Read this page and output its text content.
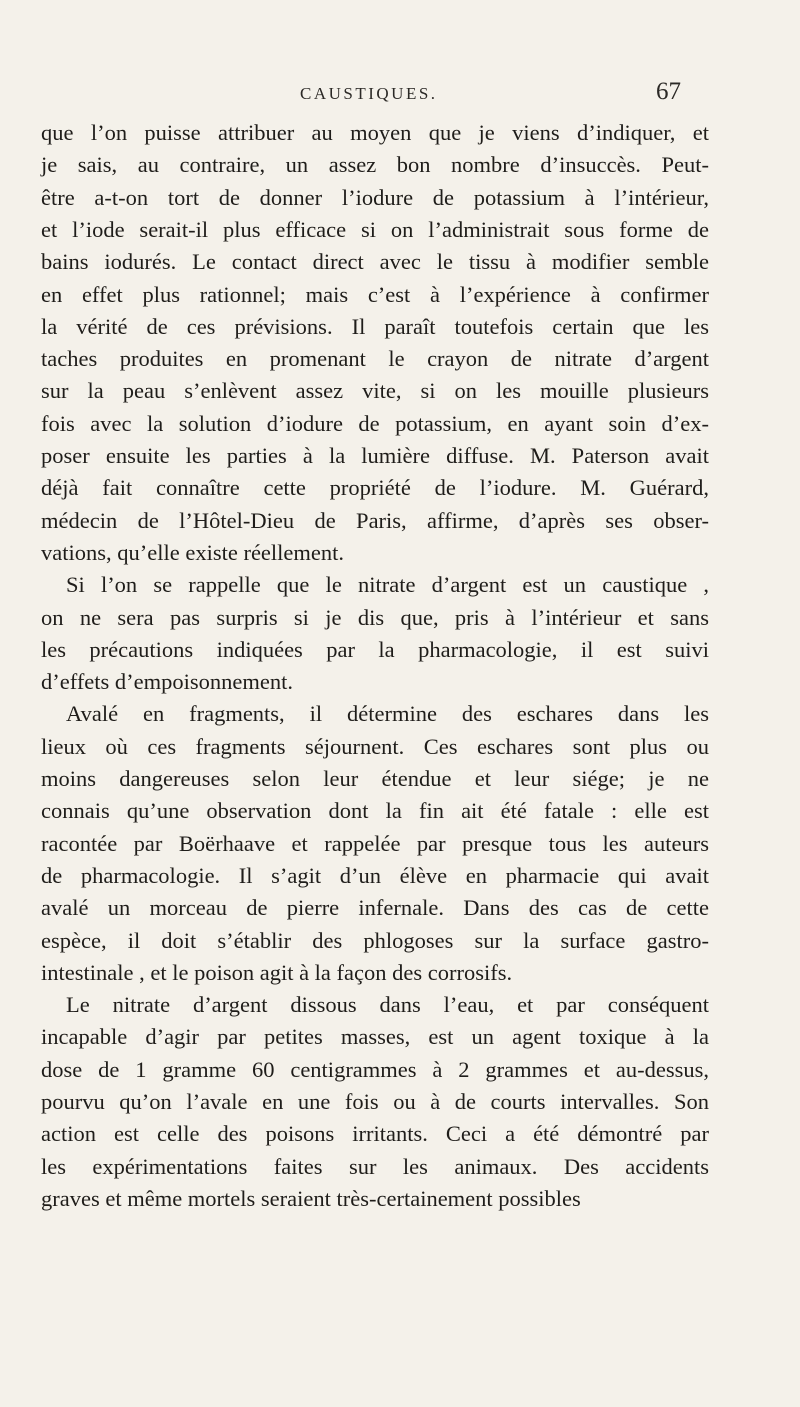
CAUSTIQUES.	67
que l’on puisse attribuer au moyen que je viens d’indiquer, et
je sais, au contraire, un assez bon nombre d’insuccès. Peut-
être a-t-on tort de donner l’iodure de potassium à l’intérieur,
et l’iode serait-il plus efficace si on l’administrait sous forme de
bains iodurés. Le contact direct avec le tissu à modifier semble
en effet plus rationnel; mais c’est à l’expérience à confirmer
la vérité de ces prévisions. Il paraît toutefois certain que les
taches produites en promenant le crayon de nitrate d’argent
sur la peau s’enlèvent assez vite, si on les mouille plusieurs
fois avec la solution d’iodure de potassium, en ayant soin d’ex-
poser ensuite les parties à la lumière diffuse. M. Paterson avait
déjà fait connaître cette propriété de l’iodure. M. Guérard,
médecin de l’Hôtel-Dieu de Paris, affirme, d’après ses obser-
vations, qu’elle existe réellement.
Si l’on se rappelle que le nitrate d’argent est un caustique ,
on ne sera pas surpris si je dis que, pris à l’intérieur et sans
les précautions indiquées par la pharmacologie, il est suivi
d’effets d’empoisonnement.
Avalé en fragments, il détermine des eschares dans les
lieux où ces fragments séjournent. Ces eschares sont plus ou
moins dangereuses selon leur étendue et leur siége; je ne
connais qu’une observation dont la fin ait été fatale : elle est
racontée par Boërhaave et rappelée par presque tous les auteurs
de pharmacologie. Il s’agit d’un élève en pharmacie qui avait
avalé un morceau de pierre infernale. Dans des cas de cette
espèce, il doit s’établir des phlogoses sur la surface gastro-
intestinale , et le poison agit à la façon des corrosifs.
Le nitrate d’argent dissous dans l’eau, et par conséquent
incapable d’agir par petites masses, est un agent toxique à la
dose de 1 gramme 60 centigrammes à 2 grammes et au-dessus,
pourvu qu’on l’avale en une fois ou à de courts intervalles. Son
action est celle des poisons irritants. Ceci a été démontré par
les expérimentations faites sur les animaux. Des accidents
graves et même mortels seraient très-certainement possibles
